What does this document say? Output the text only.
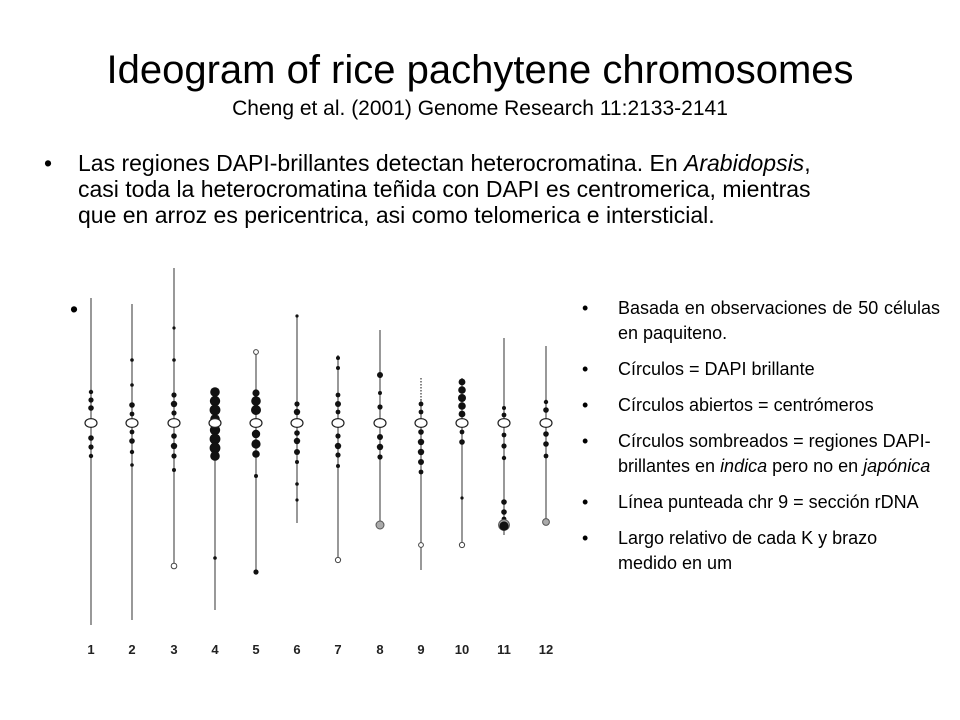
Ideogram of rice pachytene chromosomes
Cheng et al. (2001) Genome Research 11:2133-2141
• Las regiones DAPI-brillantes detectan heterocromatina. En Arabidopsis, casi toda la heterocromatina teñida con DAPI es centromerica, mientras que en arroz es pericentrica, asi como telomerica e intersticial.
•
1	2	3	4	5	6	7	8	9 10 11 12
• Basada en observaciones de 50 células en paquiteno.
• Círculos = DAPI brillante
• Círculos abiertos = centrómeros
• Círculos sombreados = regiones DAPI-brillantes en indica pero no en japónica
• Línea punteada chr 9 = sección rDNA
• Largo relativo de cada K y brazo medido en um
